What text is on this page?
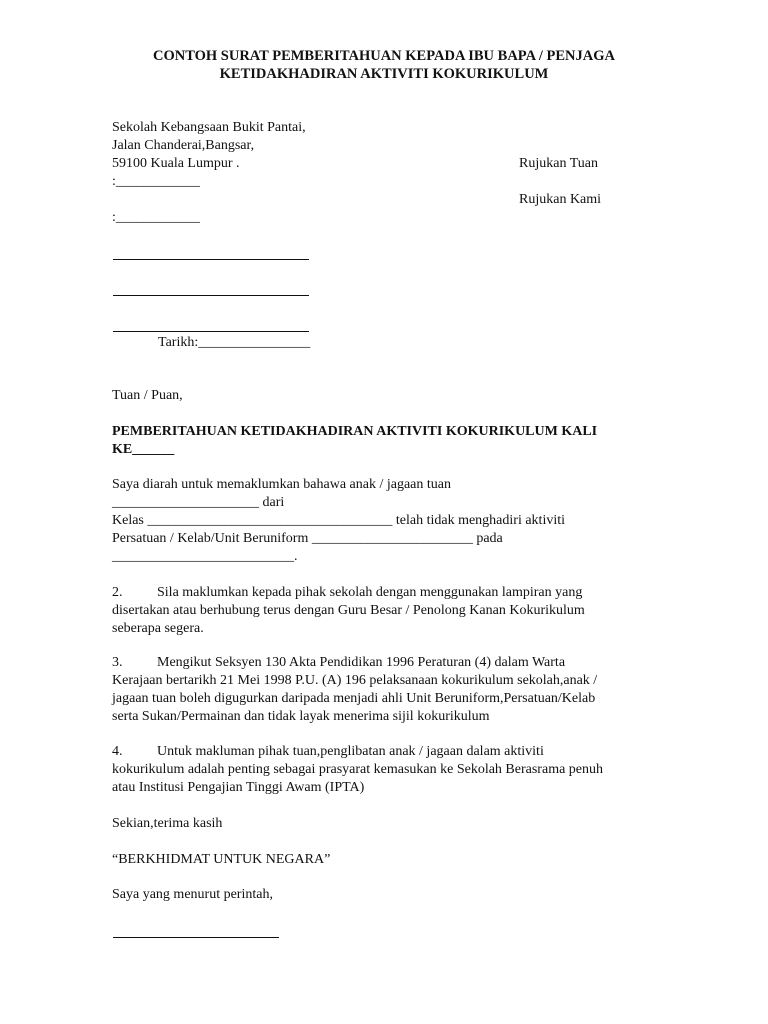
CONTOH SURAT PEMBERITAHUAN KEPADA IBU BAPA / PENJAGA
KETIDAKHADIRAN AKTIVITI KOKURIKULUM
Sekolah Kebangsaan Bukit Pantai,
Jalan Chanderai,Bangsar,
59100 Kuala Lumpur .	Rujukan Tuan
:____________
Rujukan Kami
:____________
Tarikh:________________
Tuan / Puan,
PEMBERITAHUAN KETIDAKHADIRAN AKTIVITI KOKURIKULUM KALI
KE______
Saya diarah untuk memaklumkan bahawa anak / jagaan tuan
_____________________ dari
Kelas ___________________________________ telah tidak menghadiri aktiviti
Persatuan / Kelab/Unit Beruniform _______________________ pada
__________________________.
2. Sila maklumkan kepada pihak sekolah dengan menggunakan lampiran yang
disertakan atau berhubung terus dengan Guru Besar / Penolong Kanan Kokurikulum
seberapa segera.
3. Mengikut Seksyen 130 Akta Pendidikan 1996 Peraturan (4) dalam Warta
Kerajaan bertarikh 21 Mei 1998 P.U. (A) 196 pelaksanaan kokurikulum sekolah,anak /
jagaan tuan boleh digugurkan daripada menjadi ahli Unit Beruniform,Persatuan/Kelab
serta Sukan/Permainan dan tidak layak menerima sijil kokurikulum
4. Untuk makluman pihak tuan,penglibatan anak / jagaan dalam aktiviti
kokurikulum adalah penting sebagai prasyarat kemasukan ke Sekolah Berasrama penuh
atau Institusi Pengajian Tinggi Awam (IPTA)
Sekian,terima kasih
“BERKHIDMAT UNTUK NEGARA”
Saya yang menurut perintah,
